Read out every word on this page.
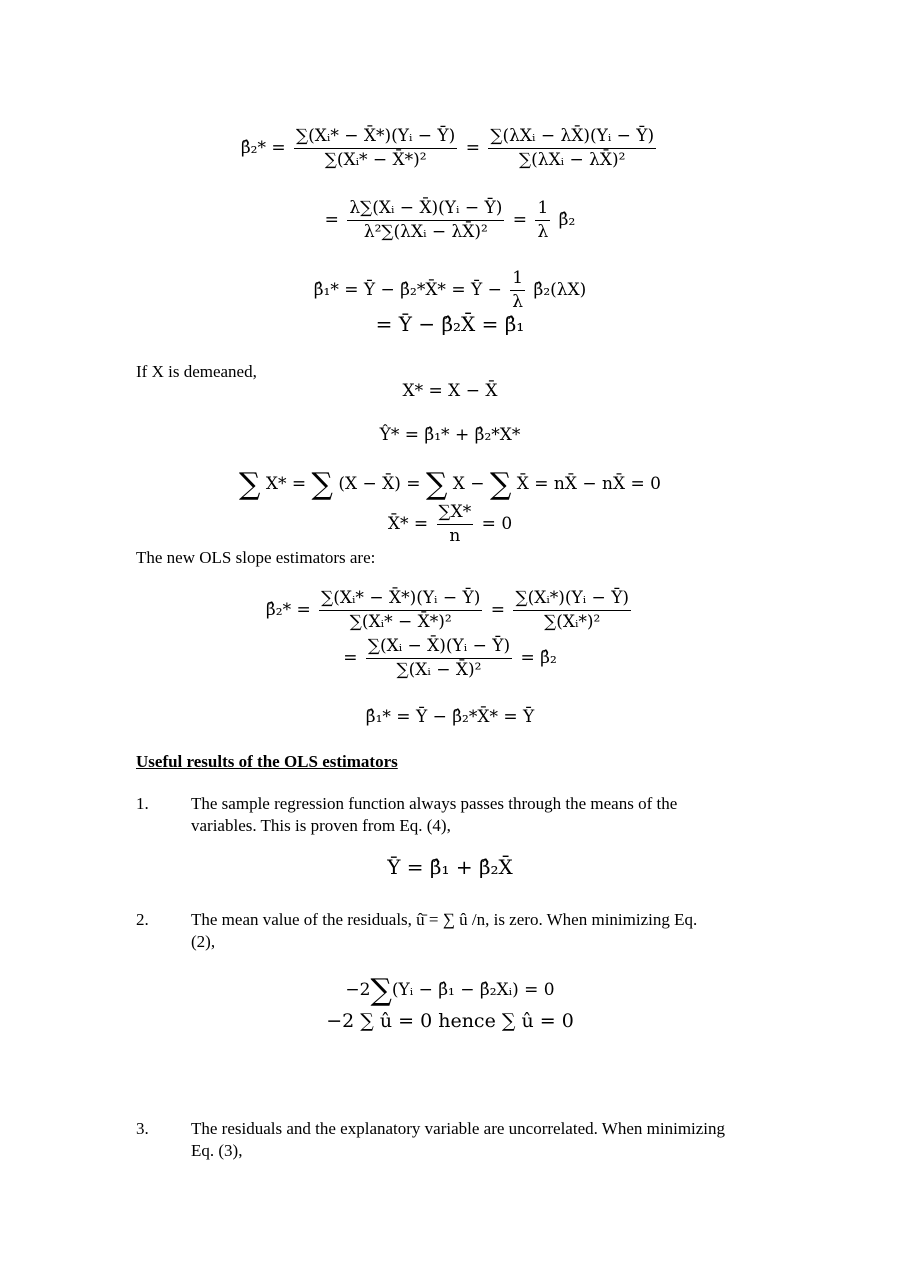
β̂₂* = $\frac{\text{∑(Xᵢ* − X̄*)(Yᵢ − Ȳ)}}{\text{∑(Xᵢ* − X̄*)²}} = \frac{\text{∑(λXᵢ − λX̄)(Yᵢ − Ȳ)}}{\text{∑(λXᵢ − λX̄)²}}$
= $\frac{\text{λ∑(Xᵢ − X̄)(Yᵢ − Ȳ)}}{\text{λ²∑(λXᵢ − λX̄)²}} = \frac{1}{\lambda}$ β̂₂
β̂₁* = Ȳ − β̂₂*X̄* = Ȳ − $\frac{1}{\lambda}$ β̂₂(λX)
= Ȳ − β̂₂X̄ = β̂₁
If X is demeaned,
X* = X − X̄
Ŷ* = β̂₁* + β̂₂*X*
∑ X* = ∑ (X − X̄) = ∑ X − ∑ X̄ = nX̄ − nX̄ = 0
X̄* = $\frac{\sum X*}{n} = 0$
The new OLS slope estimators are:
β̂₂* = $\frac{\text{∑(Xᵢ* − X̄*)(Yᵢ − Ȳ)}}{\text{∑(Xᵢ* − X̄*)²}} = \frac{\text{∑(Xᵢ*)(Yᵢ − Ȳ)}}{\text{∑(Xᵢ*)²}}$
= $\frac{\text{∑(Xᵢ − X̄)(Yᵢ − Ȳ)}}{\text{∑(Xᵢ − X̄)²}}$ = β̂₂
β̂₁* = Ȳ − β̂₂*X̄* = Ȳ
Useful results of the OLS estimators
1. The sample regression function always passes through the means of the
variables. This is proven from Eq. (4),
Ȳ = β̂₁ + β̂₂X̄
2. The mean value of the residuals, û̄ = ∑ û /n, is zero. When minimizing Eq.
(2),
−2∑(Yᵢ − β̂₁ − β̂₂Xᵢ) = 0
−2 ∑ û = 0 hence ∑ û = 0
3. The residuals and the explanatory variable are uncorrelated. When minimizing
Eq. (3),
